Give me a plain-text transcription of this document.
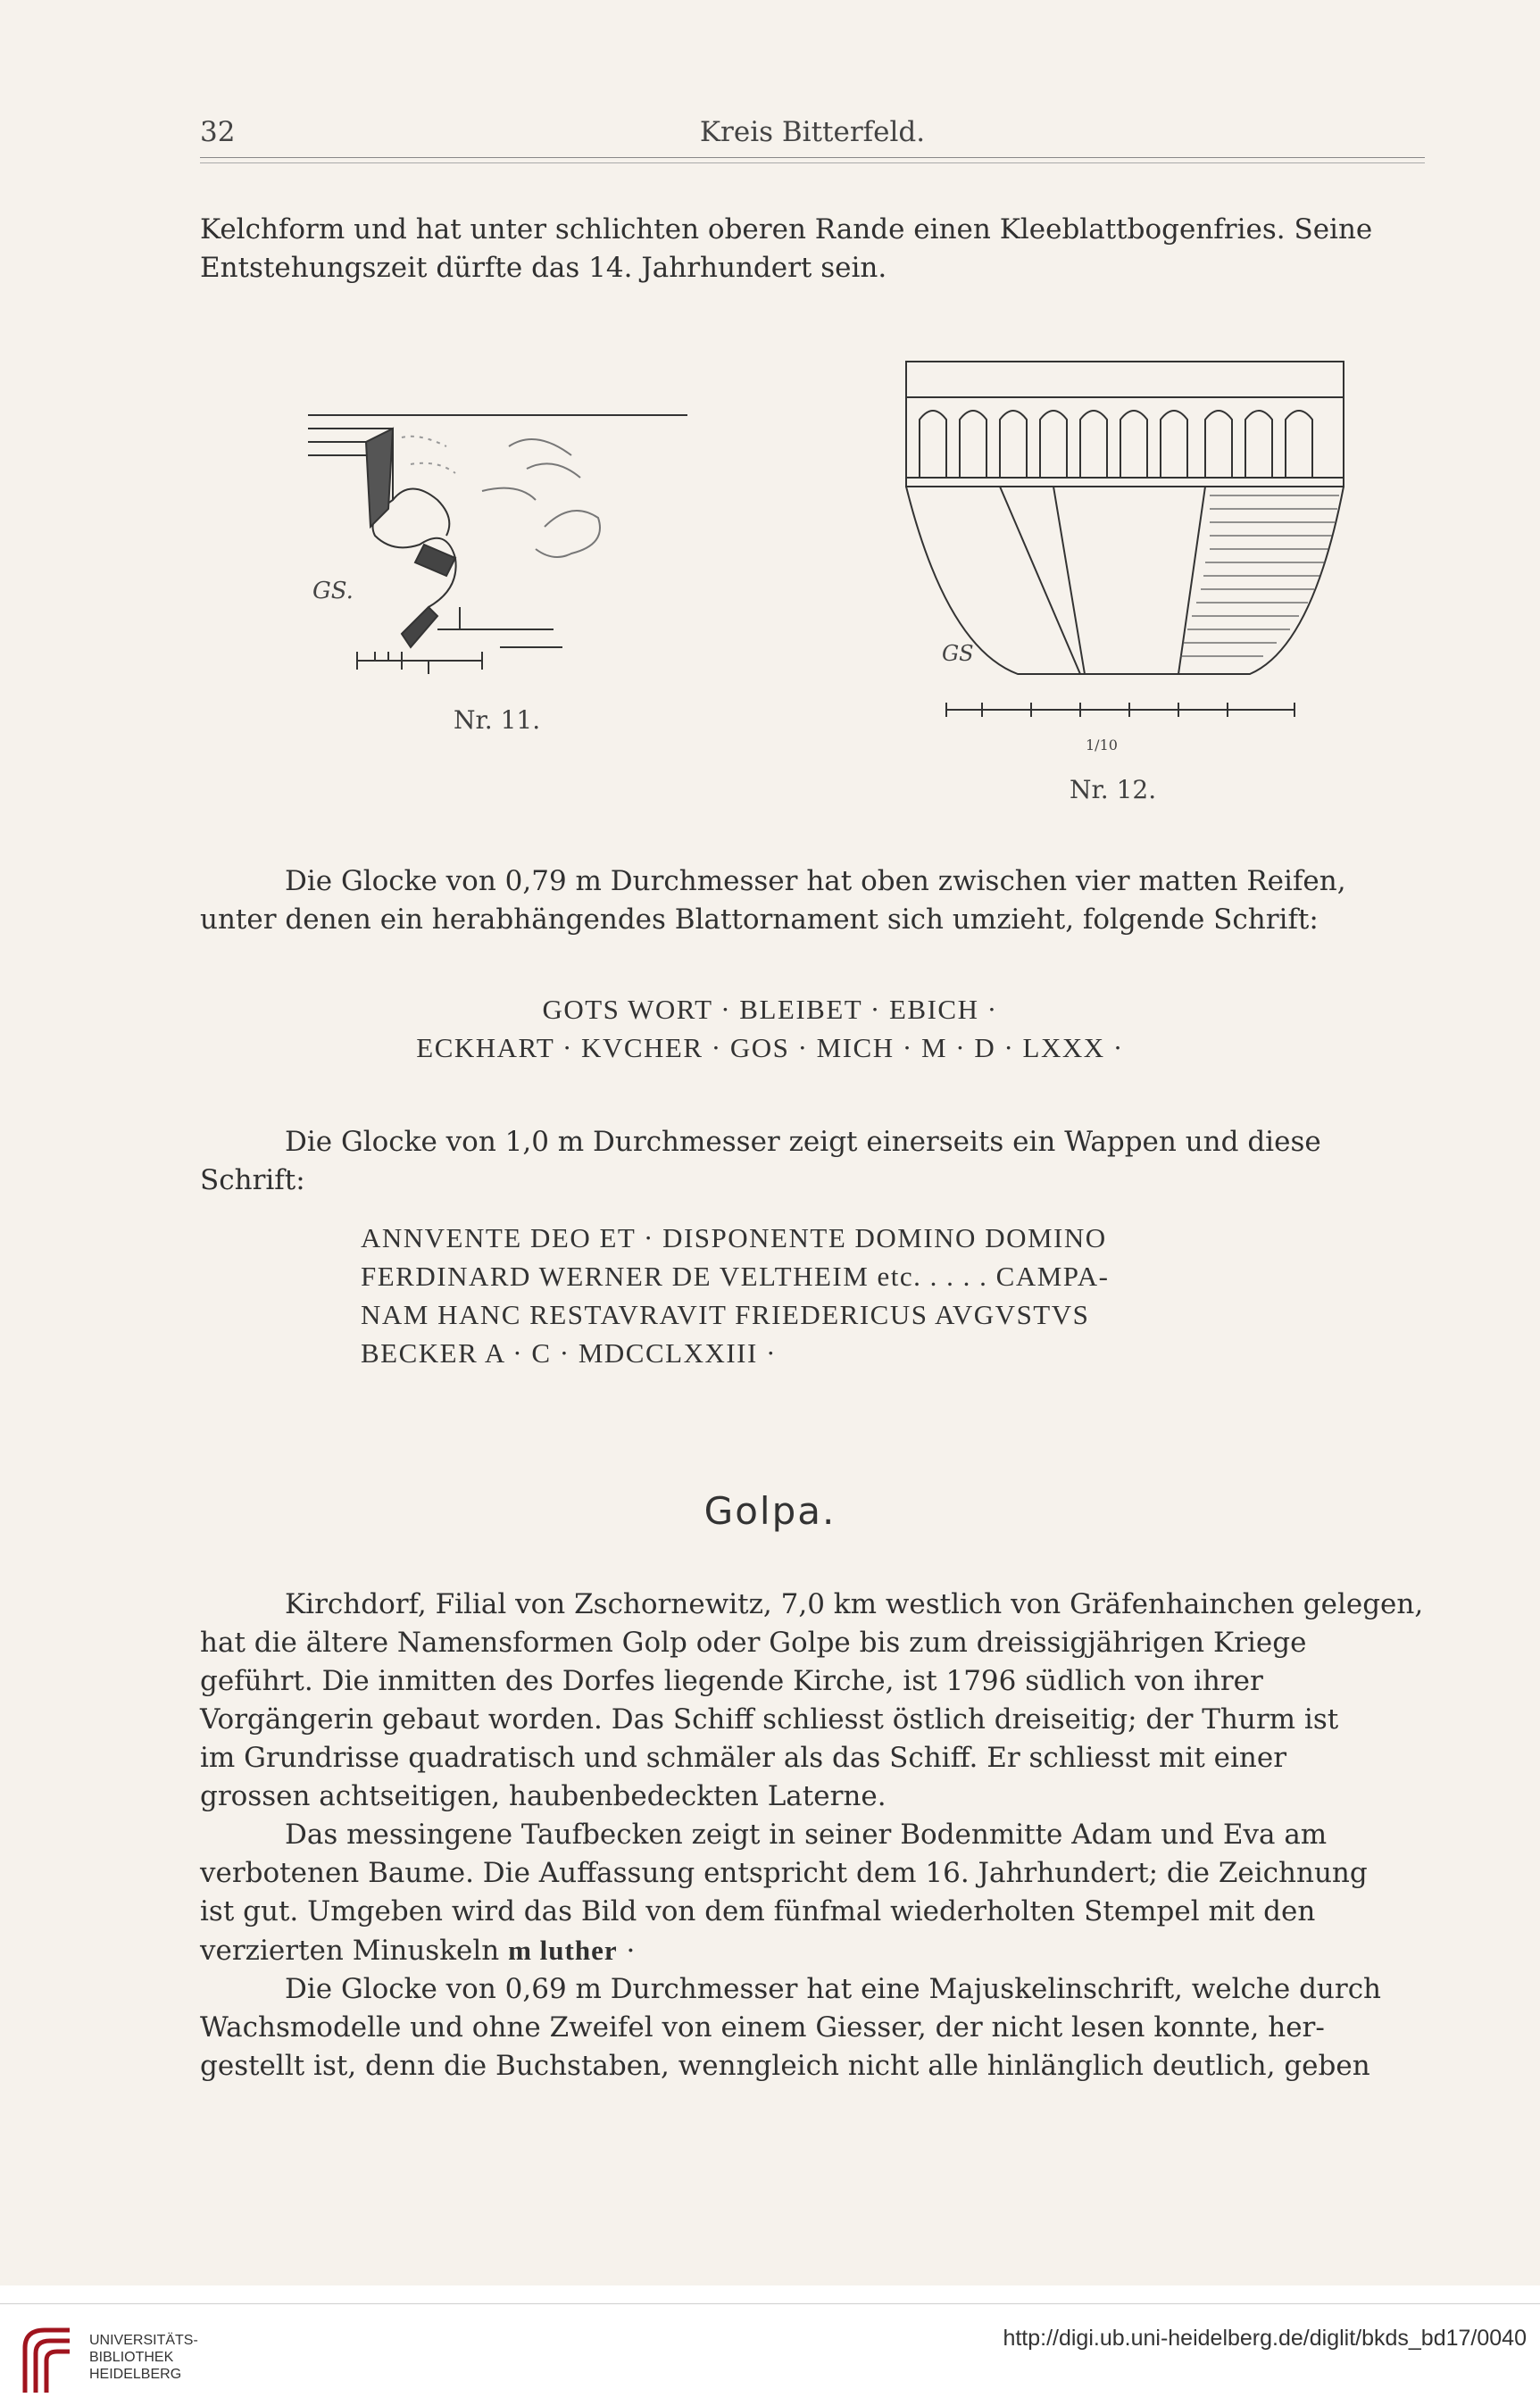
32	Kreis Bitterfeld.

Kelchform und hat unter schlichten oberen Rande einen Kleeblattbogenfries. Seine

Entstehungszeit dürfte das 14. Jahrhundert sein.

GS.
Nr. 11.
GS
1/10
Nr. 12.

Die Glocke von 0,79 m Durchmesser hat oben zwischen vier matten Reifen,

unter denen ein herabhängendes Blattornament sich umzieht, folgende Schrift:

GOTS WORT · BLEIBET · EBICH ·
ECKHART · KVCHER · GOS · MICH · M · D · LXXX ·

Die Glocke von 1,0 m Durchmesser zeigt einerseits ein Wappen und diese

Schrift:

ANNVENTE DEO ET · DISPONENTE DOMINO DOMINO
FERDINARD WERNER DE VELTHEIM etc. . . . . CAMPA-
NAM HANC RESTAVRAVIT FRIEDERICUS AVGVSTVS
BECKER A · C · MDCCLXXIII ·
Golpa.

Kirchdorf, Filial von Zschornewitz, 7,0 km westlich von Gräfenhainchen gelegen,

hat die ältere Namensformen Golp oder Golpe bis zum dreissigjährigen Kriege

geführt. Die inmitten des Dorfes liegende Kirche, ist 1796 südlich von ihrer

Vorgängerin gebaut worden. Das Schiff schliesst östlich dreiseitig; der Thurm ist

im Grundrisse quadratisch und schmäler als das Schiff. Er schliesst mit einer

grossen achtseitigen, haubenbedeckten Laterne.

Das messingene Taufbecken zeigt in seiner Bodenmitte Adam und Eva am

verbotenen Baume. Die Auffassung entspricht dem 16. Jahrhundert; die Zeichnung

ist gut. Umgeben wird das Bild von dem fünfmal wiederholten Stempel mit den

verzierten Minuskeln m luther ·

Die Glocke von 0,69 m Durchmesser hat eine Majuskelinschrift, welche durch

Wachsmodelle und ohne Zweifel von einem Giesser, der nicht lesen konnte, her-

gestellt ist, denn die Buchstaben, wenngleich nicht alle hinlänglich deutlich, geben

UNIVERSITÄTS-
BIBLIOTHEK
HEIDELBERG
http://digi.ub.uni-heidelberg.de/diglit/bkds_bd17/0040
